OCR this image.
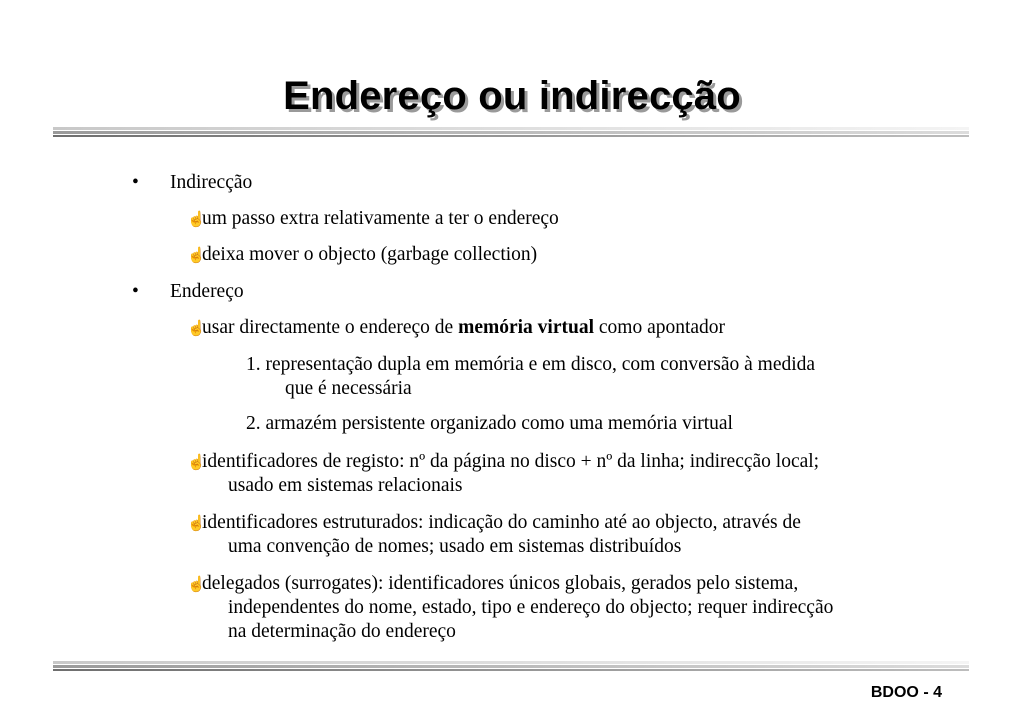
Endereço ou indirecção
• Indirecção
☝um passo extra relativamente a ter o endereço
☝deixa mover o objecto (garbage collection)
• Endereço
☝usar directamente o endereço de memória virtual como apontador
1. representação dupla em memória e em disco, com conversão à medida
que é necessária
2. armazém persistente organizado como uma memória virtual
☝identificadores de registo: nº da página no disco + nº da linha; indirecção local;
usado em sistemas relacionais
☝identificadores estruturados: indicação do caminho até ao objecto, através de
uma convenção de nomes; usado em sistemas distribuídos
☝delegados (surrogates): identificadores únicos globais, gerados pelo sistema,
independentes do nome, estado, tipo e endereço do objecto; requer indirecção
na determinação do endereço
BDOO - 4
